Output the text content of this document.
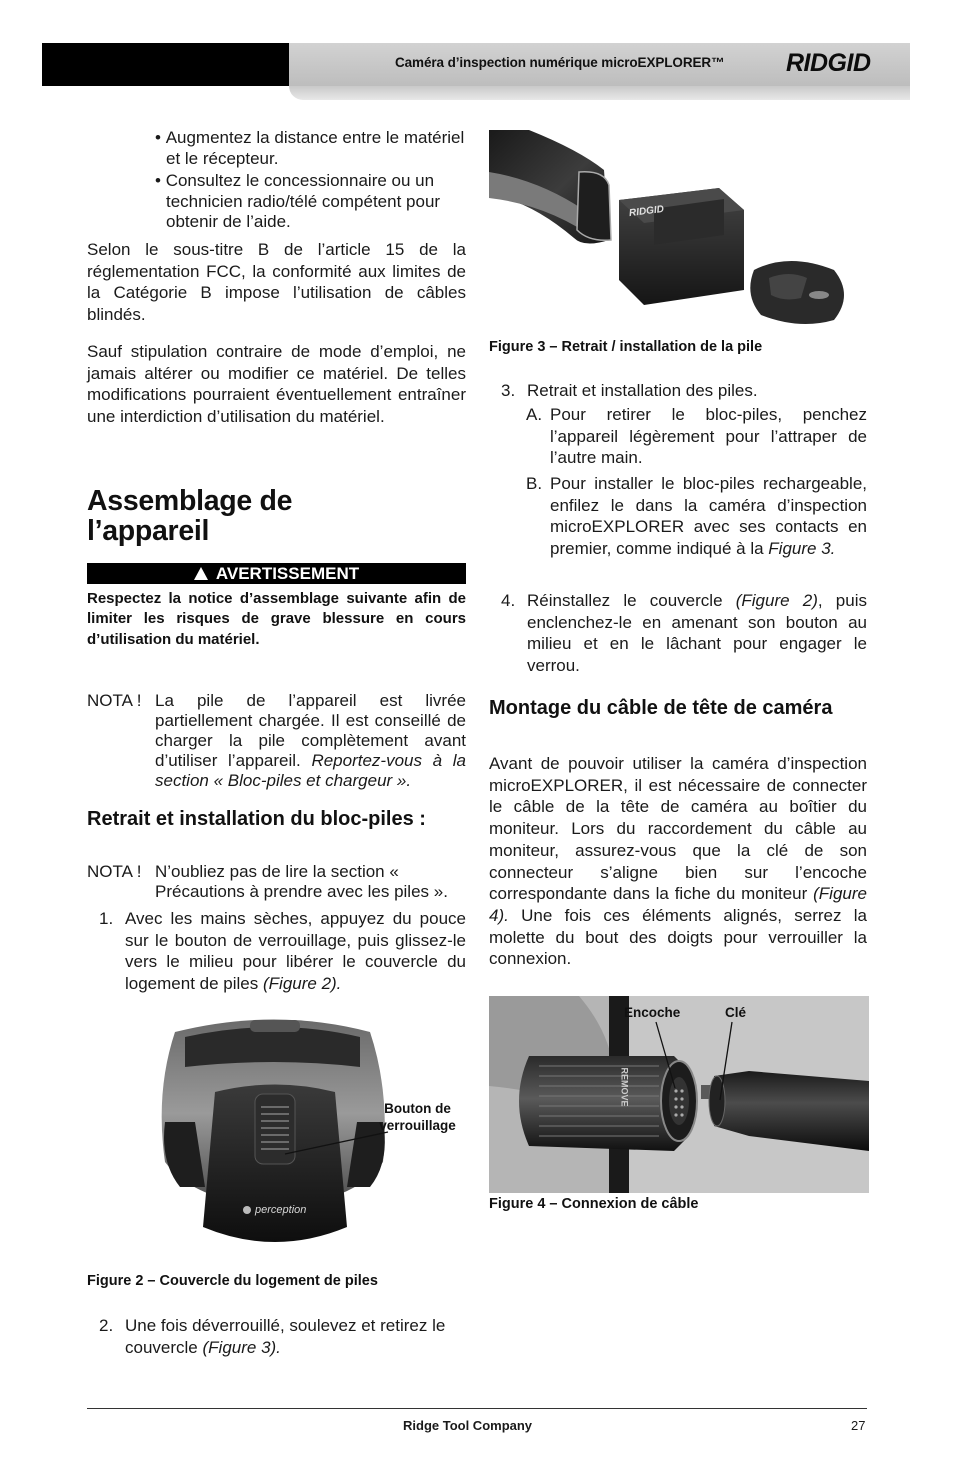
Caméra d’inspection numérique microEXPLORER™ RIDGID

• Augmentez la distance entre le matériel et le récepteur.

• Consultez le concessionnaire ou un technicien radio/télé compétent pour obtenir de l’aide.

Selon le sous-titre B de l’article 15 de la réglementation FCC, la conformité aux limites de la Catégorie B impose l’utilisation de câbles blindés.
Sauf stipulation contraire de mode d’emploi, ne jamais altérer ou modifier ce matériel. De telles modifications pourraient éventuellement entraîner une interdiction d’utilisation du matériel.
Assemblage de
l’appareil
AVERTISSEMENT
Respectez la notice d’assemblage suivante afin de limiter les risques de grave blessure en cours d’utilisation du matériel.
NOTA ! La pile de l’appareil est livrée partiellement chargée. Il est conseillé de charger la pile complètement avant d’utiliser l’appareil. Reportez-vous à la section « Bloc-piles et chargeur ».
Retrait et installation du bloc-piles :
NOTA ! N’oubliez pas de lire la section « Précautions à prendre avec les piles ».
1. Avec les mains sèches, appuyez du pouce sur le bouton de verrouillage, puis glissez-le vers le milieu pour libérer le couvercle du logement de piles (Figure 2).
perception
Bouton de
verrouillage
Figure 2 – Couvercle du logement de piles
2. Une fois déverrouillé, soulevez et retirez le couvercle (Figure 3).
RIDGID
Figure 3 – Retrait / installation de la pile
3. Retrait et installation des piles.
A. Pour retirer le bloc-piles, penchez l’appareil légèrement pour l’attraper de l’autre main.
B. Pour installer le bloc-piles rechargeable, enfilez le dans la caméra d’inspection microEXPLORER avec ses contacts en premier, comme indiqué à la Figure 3.
4. Réinstallez le couvercle (Figure 2), puis enclenchez-le en amenant son bouton au milieu et en le lâchant pour engager le verrou.
Montage du câble de tête de caméra
Avant de pouvoir utiliser la caméra d’inspection microEXPLORER, il est nécessaire de connecter le câble de la tête de caméra au boîtier du moniteur. Lors du raccordement du câble au moniteur, assurez-vous que la clé de son connecteur s’aligne bien sur l’encoche correspondante dans la fiche du moniteur (Figure 4). Une fois ces éléments alignés, serrez la molette du bout des doigts pour verrouiller la connexion.
REMOVE
Encoche	Clé
Figure 4 – Connexion de câble
Ridge Tool Company	27
